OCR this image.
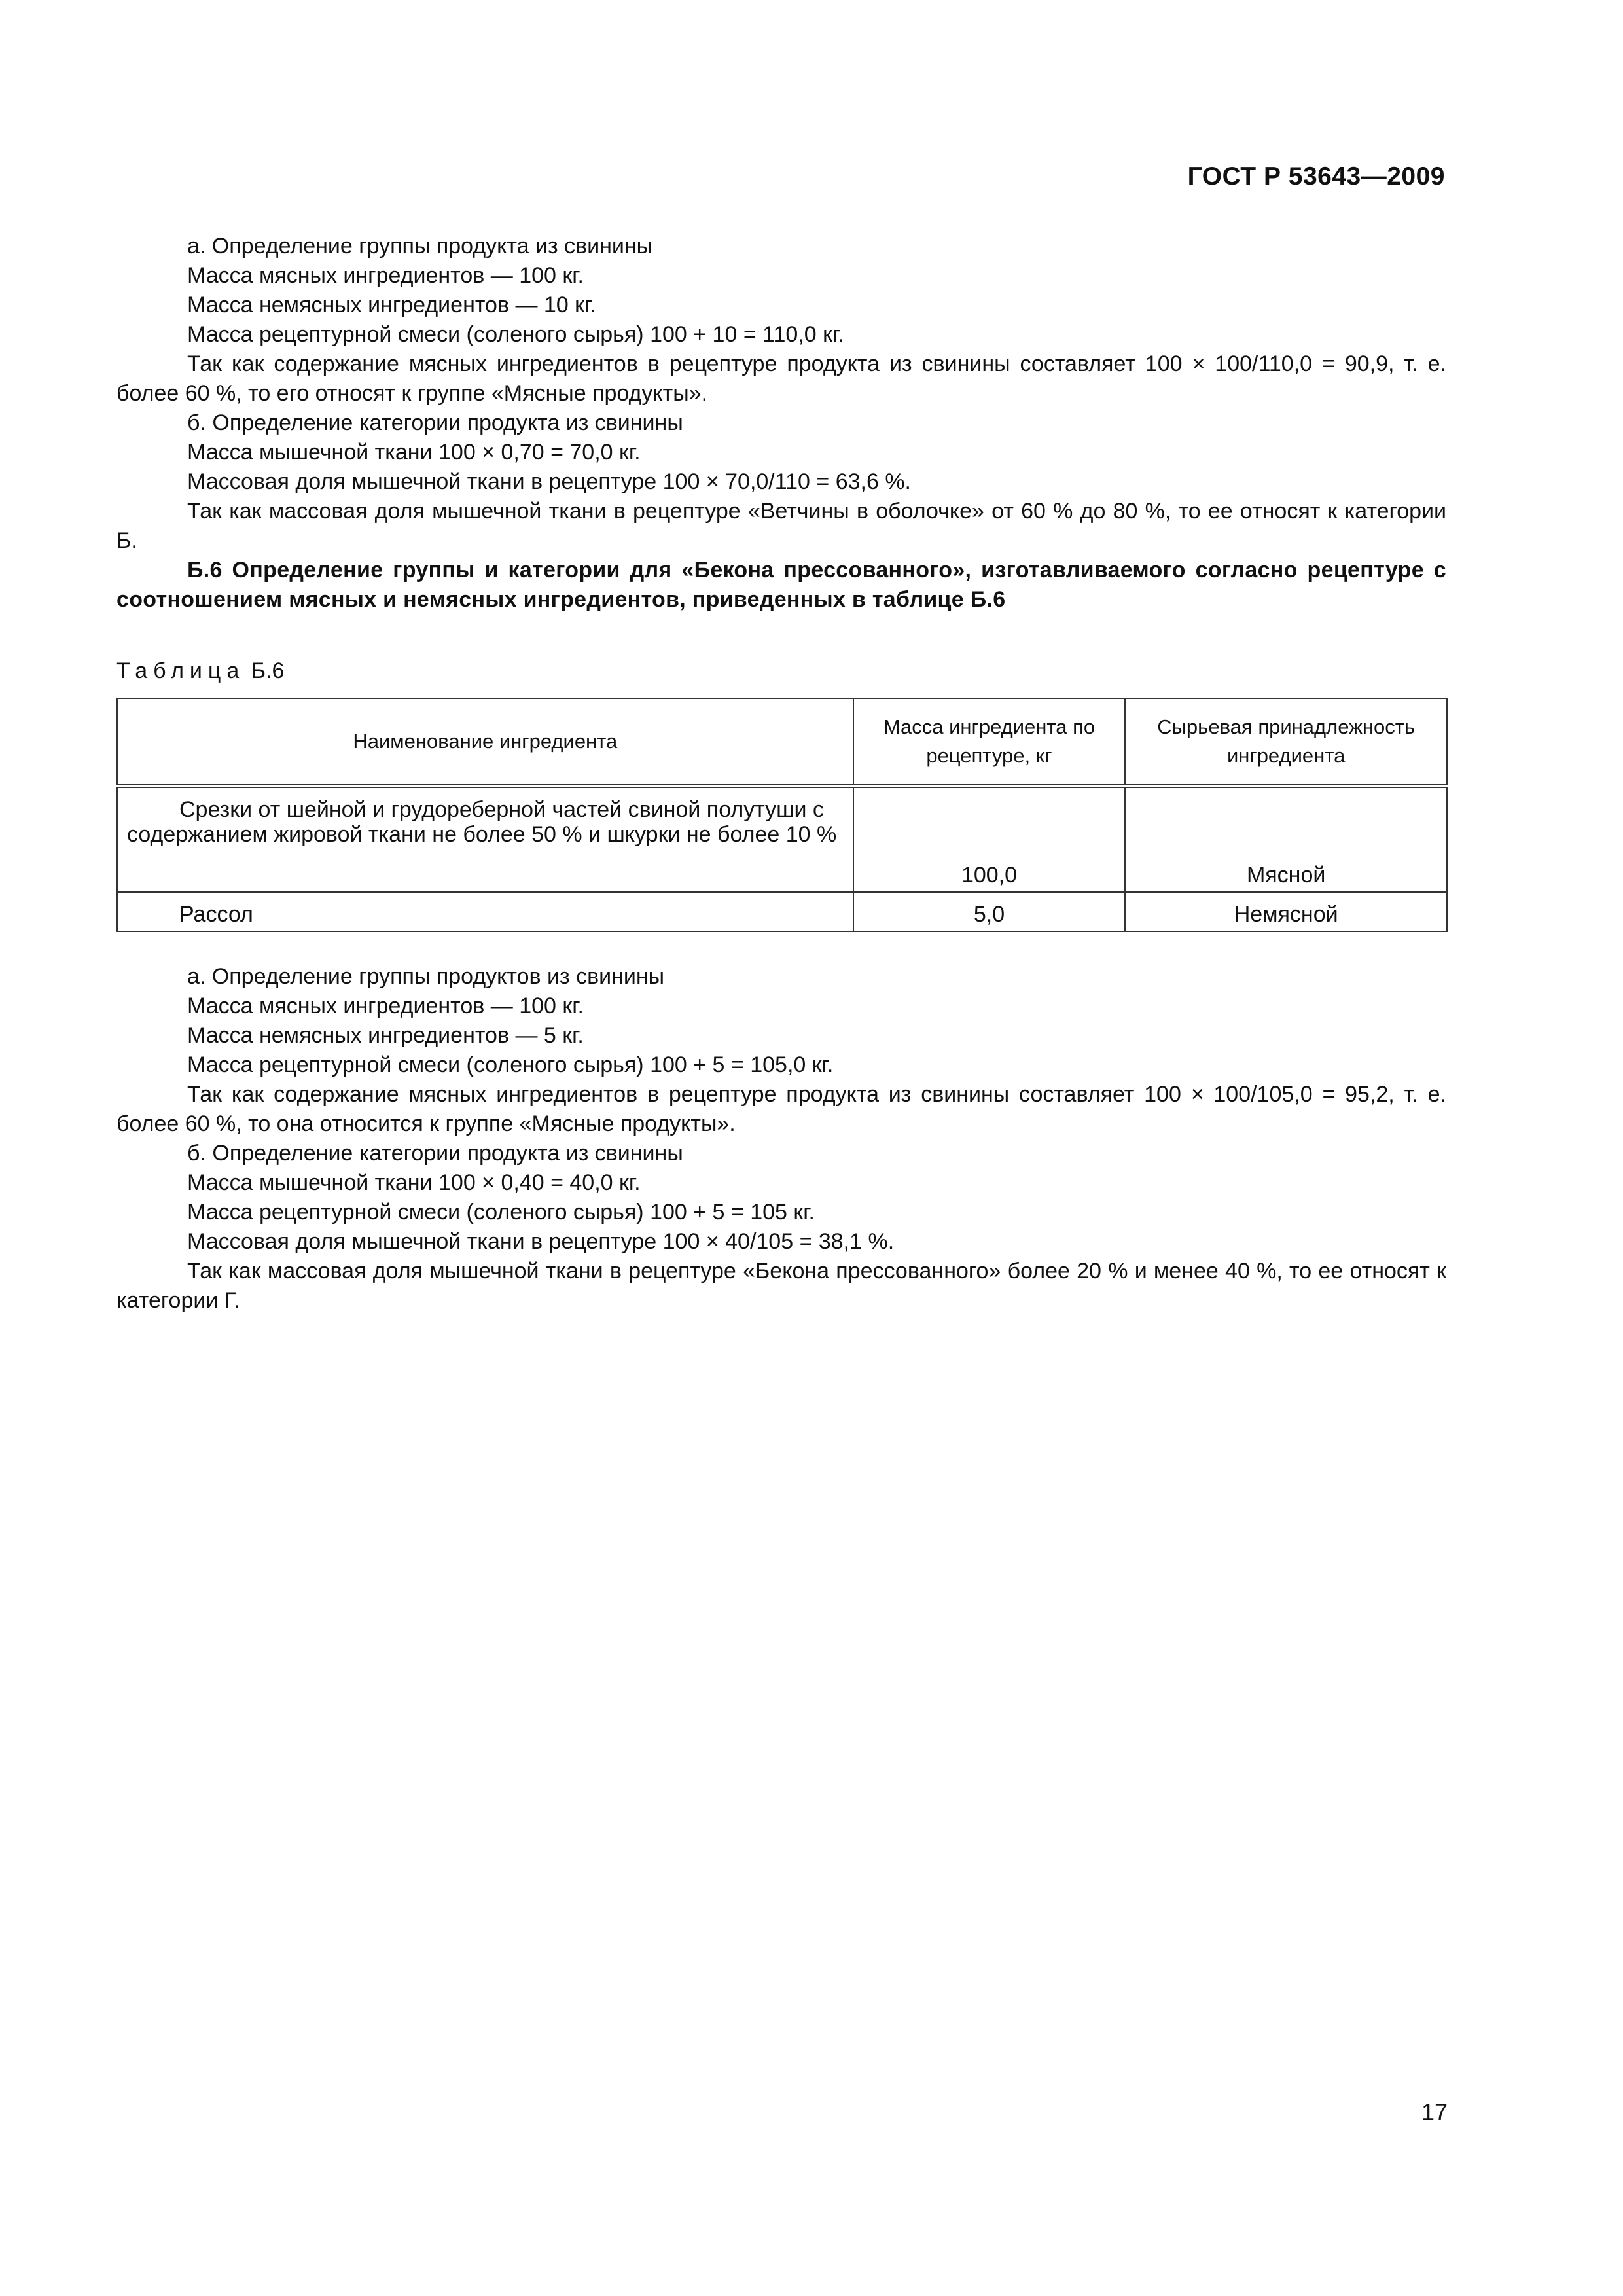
ГОСТ Р 53643—2009

а. Определение группы продукта из свинины

Масса мясных ингредиентов — 100 кг.

Масса немясных ингредиентов — 10 кг.

Масса рецептурной смеси (соленого сырья) 100 + 10 = 110,0 кг.

Так как содержание мясных ингредиентов в рецептуре продукта из свинины составляет 100 × 100/110,0 = 90,9, т. е. более 60 %, то его относят к группе «Мясные продукты».

б. Определение категории продукта из свинины

Масса мышечной ткани 100 × 0,70 = 70,0 кг.

Массовая доля мышечной ткани в рецептуре 100 × 70,0/110 = 63,6 %.

Так как массовая доля мышечной ткани в рецептуре «Ветчины в оболочке» от 60 % до 80 %, то ее относят к категории Б.

Б.6 Определение группы и категории для «Бекона прессованного», изготавливаемого согласно рецептуре с соотношением мясных и немясных ингредиентов, приведенных в таблице Б.6

Таблица Б.6
Наименование ингредиента	Масса ингредиента по рецептуре, кг	Сырьевая принадлежность ингредиента
Срезки от шейной и грудореберной частей свиной полутуши с содержанием жировой ткани не более 50 % и шкурки не более 10 %	100,0	Мясной
Рассол	5,0	Немясной

а. Определение группы продуктов из свинины

Масса мясных ингредиентов — 100 кг.

Масса немясных ингредиентов — 5 кг.

Масса рецептурной смеси (соленого сырья) 100 + 5 = 105,0 кг.

Так как содержание мясных ингредиентов в рецептуре продукта из свинины составляет 100 × 100/105,0 = 95,2, т. е. более 60 %, то она относится к группе «Мясные продукты».

б. Определение категории продукта из свинины

Масса мышечной ткани 100 × 0,40 = 40,0 кг.

Масса рецептурной смеси (соленого сырья) 100 + 5 = 105 кг.

Массовая доля мышечной ткани в рецептуре 100 × 40/105 = 38,1 %.

Так как массовая доля мышечной ткани в рецептуре «Бекона прессованного» более 20 % и менее 40 %, то ее относят к категории Г.

17
